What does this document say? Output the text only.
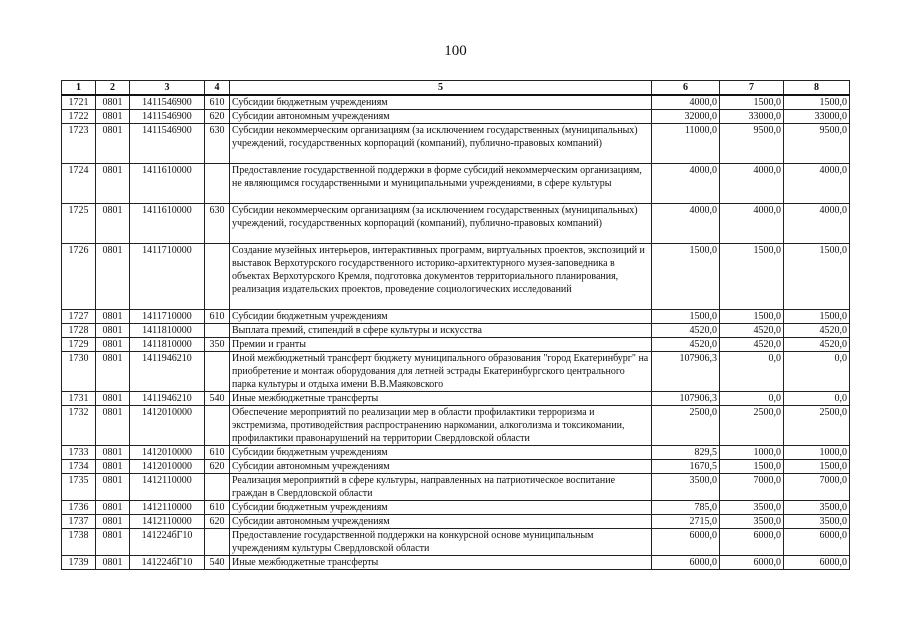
100
1	2	3	4	5	6	7	8
1721	0801	1411546900	610	Субсидии бюджетным учреждениям	4000,0	1500,0	1500,0
1722	0801	1411546900	620	Субсидии автономным учреждениям	32000,0	33000,0	33000,0
1723	0801	1411546900	630	Субсидии некоммерческим организациям (за исключением государственных (муниципальных) учреждений, государственных корпораций (компаний), публично-правовых компаний)	11000,0	9500,0	9500,0
1724	0801	1411610000		Предоставление государственной поддержки в форме субсидий некоммерческим организациям, не являющимся государственными и муниципальными учреждениями, в сфере культуры	4000,0	4000,0	4000,0
1725	0801	1411610000	630	Субсидии некоммерческим организациям (за исключением государственных (муниципальных) учреждений, государственных корпораций (компаний), публично-правовых компаний)	4000,0	4000,0	4000,0
1726	0801	1411710000		Создание музейных интерьеров, интерактивных программ, виртуальных проектов, экспозиций и выставок Верхотурского государственного историко-архитектурного музея-заповедника в объектах Верхотурского Кремля, подготовка документов территориального планирования, реализация издательских проектов, проведение социологических исследований	1500,0	1500,0	1500,0
1727	0801	1411710000	610	Субсидии бюджетным учреждениям	1500,0	1500,0	1500,0
1728	0801	1411810000		Выплата премий, стипендий в сфере культуры и искусства	4520,0	4520,0	4520,0
1729	0801	1411810000	350	Премии и гранты	4520,0	4520,0	4520,0
1730	0801	1411946210		Иной межбюджетный трансферт бюджету муниципального образования "город Екатеринбург" на приобретение и монтаж оборудования для летней эстрады Екатеринбургского центрального парка культуры и отдыха имени В.В.Маяковского	107906,3	0,0	0,0
1731	0801	1411946210	540	Иные межбюджетные трансферты	107906,3	0,0	0,0
1732	0801	1412010000		Обеспечение мероприятий по реализации мер в области профилактики терроризма и экстремизма, противодействия распространению наркомании, алкоголизма и токсикомании, профилактики правонарушений на территории Свердловской области	2500,0	2500,0	2500,0
1733	0801	1412010000	610	Субсидии бюджетным учреждениям	829,5	1000,0	1000,0
1734	0801	1412010000	620	Субсидии автономным учреждениям	1670,5	1500,0	1500,0
1735	0801	1412110000		Реализация мероприятий в сфере культуры, направленных на патриотическое воспитание граждан в Свердловской области	3500,0	7000,0	7000,0
1736	0801	1412110000	610	Субсидии бюджетным учреждениям	785,0	3500,0	3500,0
1737	0801	1412110000	620	Субсидии автономным учреждениям	2715,0	3500,0	3500,0
1738	0801	141224бГ10		Предоставление государственной поддержки на конкурсной основе муниципальным учреждениям культуры Свердловской области	6000,0	6000,0	6000,0
1739	0801	141224бГ10	540	Иные межбюджетные трансферты	6000,0	6000,0	6000,0
